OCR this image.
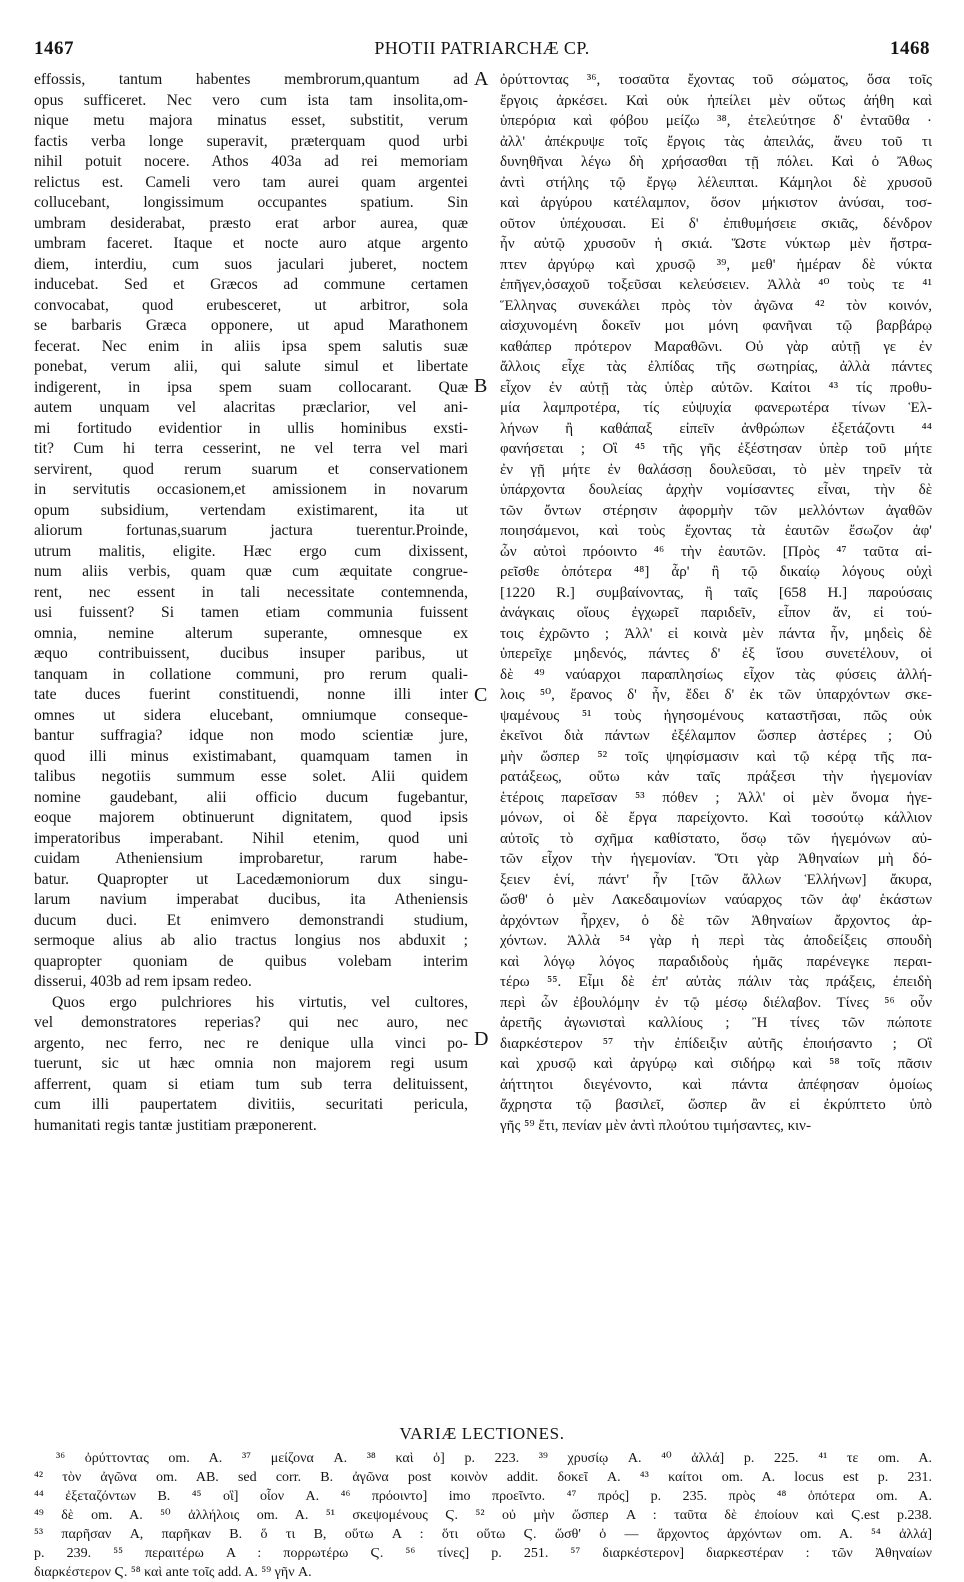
1467	PHOTII PATRIARCHÆ CP.	1468
effossis, tantum habentes membrorum,quantum ad
opus sufficeret. Nec vero cum ista tam insolita,om-
nique metu majora minatus esset, substitit, verum
factis verba longe superavit, præterquam quod urbi
nihil potuit nocere. Athos 403a ad rei memoriam
relictus est. Cameli vero tam aurei quam argentei
collucebant, longissimum occupantes spatium. Sin
umbram desiderabat, præsto erat arbor aurea, quæ
umbram faceret. Itaque et nocte auro atque argento
diem, interdiu, cum suos jaculari juberet, noctem
inducebat. Sed et Græcos ad commune certamen
convocabat, quod erubesceret, ut arbitror, sola
se barbaris Græca opponere, ut apud Marathonem
fecerat. Nec enim in aliis ipsa spem salutis suæ
ponebat, verum alii, qui salute simul et libertate
indigerent, in ipsa spem suam collocarant. Quæ
autem unquam vel alacritas præclarior, vel ani-
mi fortitudo evidentior in ullis hominibus exsti-
tit? Cum hi terra cesserint, ne vel terra vel mari
servirent, quod rerum suarum et conservationem
in servitutis occasionem,et amissionem in novarum
opum subsidium, vertendam existimarent, ita ut
aliorum fortunas,suarum jactura tuerentur.Proinde,
utrum malitis, eligite. Hæc ergo cum dixissent,
num aliis verbis, quam quæ cum æquitate congrue-
rent, nec essent in tali necessitate contemnenda,
usi fuissent? Si tamen etiam communia fuissent
omnia, nemine alterum superante, omnesque ex
æquo contribuissent, ducibus insuper paribus, ut
tanquam in collatione communi, pro rerum quali-
tate duces fuerint constituendi, nonne illi inter
omnes ut sidera elucebant, omniumque conseque-
bantur suffragia? idque non modo scientiæ jure,
quod illi minus existimabant, quamquam tamen in
talibus negotiis summum esse solet. Alii quidem
nomine gaudebant, alii officio ducum fugebantur,
eoque majorem obtinuerunt dignitatem, quod ipsis
imperatoribus imperabant. Nihil etenim, quod uni
cuidam Atheniensium improbaretur, rarum habe-
batur. Quapropter ut Lacedæmoniorum dux singu-
larum navium imperabat ducibus, ita Atheniensis
ducum duci. Et enimvero demonstrandi studium,
sermoque alius ab alio tractus longius nos abduxit ;
quapropter quoniam de quibus volebam interim
disserui, 403b ad rem ipsam redeo.
Quos ergo pulchriores his virtutis, vel cultores,
vel demonstratores reperias? qui nec auro, nec
argento, nec ferro, nec re denique ulla vinci po-
tuerunt, sic ut hæc omnia non majorem regi usum
afferrent, quam si etiam tum sub terra delituissent,
cum illi paupertatem divitiis, securitati pericula,
humanitati regis tantæ justitiam præponerent.
ὀρύττοντας ³⁶, τοσαῦτα ἔχοντας τοῦ σώματος, ὅσα τοῖς
ἔργοις ἀρκέσει. Καὶ οὐκ ἠπείλει μὲν οὕτως ἀήθη καὶ
ὑπερόρια καὶ φόβου μείζω ³⁸, ἐτελεύτησε δ' ἐνταῦθα ·
ἀλλ' ἀπέκρυψε τοῖς ἔργοις τὰς ἀπειλάς, ἄνευ τοῦ τι
δυνηθῆναι λέγω δὴ χρήσασθαι τῇ πόλει. Καὶ ὁ Ἄθως
ἀντὶ στήλης τῷ ἔργῳ λέλειπται. Κάμηλοι δὲ χρυσοῦ
καὶ ἀργύρου κατέλαμπον, ὅσον μήκιστον ἀνύσαι, τοσ-
οῦτον ὑπέχουσαι. Εἰ δ' ἐπιθυμήσειε σκιᾶς, δένδρον
ἦν αὐτῷ χρυσοῦν ἡ σκιά. Ὥστε νύκτωρ μὲν ἤστρα-
πτεν ἀργύρῳ καὶ χρυσῷ ³⁹, μεθ' ἡμέραν δὲ νύκτα
ἐπῆγεν,ὁσαχοῦ τοξεῦσαι κελεύσειεν. Ἀλλὰ ⁴⁰ τοὺς τε ⁴¹
Ἕλληνας συνεκάλει πρὸς τὸν ἀγῶνα ⁴² τὸν κοινόν,
αἰσχυνομένη δοκεῖν μοι μόνη φανῆναι τῷ βαρβάρῳ
καθάπερ πρότερον Μαραθῶνι. Οὐ γὰρ αὐτῇ γε ἐν
ἄλλοις εἶχε τὰς ἐλπίδας τῆς σωτηρίας, ἀλλὰ πάντες
εἶχον ἐν αὐτῇ τὰς ὑπὲρ αὐτῶν. Καίτοι ⁴³ τίς προθυ-
μία λαμπροτέρα, τίς εὐψυχία φανερωτέρα τίνων Ἑλ-
λήνων ἢ καθάπαξ εἰπεῖν ἀνθρώπων ἐξετάζοντι ⁴⁴
φανήσεται ; Οἳ ⁴⁵ τῆς γῆς ἐξέστησαν ὑπὲρ τοῦ μήτε
ἐν γῇ μήτε ἐν θαλάσσῃ δουλεῦσαι, τὸ μὲν τηρεῖν τὰ
ὑπάρχοντα δουλείας ἀρχὴν νομίσαντες εἶναι, τὴν δὲ
τῶν ὄντων στέρησιν ἀφορμὴν τῶν μελλόντων ἀγαθῶν
ποιησάμενοι, καὶ τοὺς ἔχοντας τὰ ἑαυτῶν ἔσωζον ἀφ'
ὧν αὐτοὶ πρόοιντο ⁴⁶ τὴν ἑαυτῶν. [Πρὸς ⁴⁷ ταῦτα αἱ-
ρεῖσθε ὁπότερα ⁴⁸] ἆρ' ἢ τῷ δικαίῳ λόγους οὐχὶ
[1220 R.] συμβαίνοντας, ἢ ταῖς [658 H.] παρούσαις
ἀνάγκαις οἵους ἐγχωρεῖ παριδεῖν, εἶπον ἄν, εἰ τού-
τοις ἐχρῶντο ; Ἀλλ' εἰ κοινὰ μὲν πάντα ἦν, μηδεὶς δὲ
ὑπερεῖχε μηδενός, πάντες δ' ἐξ ἴσου συνετέλουν, οἱ
δὲ ⁴⁹ ναύαρχοι παραπλησίως εἶχον τὰς φύσεις ἀλλή-
λοις ⁵⁰, ἔρανος δ' ἦν, ἔδει δ' ἐκ τῶν ὑπαρχόντων σκε-
ψαμένους ⁵¹ τοὺς ἡγησομένους καταστῆσαι, πῶς οὐκ
ἐκεῖνοι διὰ πάντων ἐξέλαμπον ὥσπερ ἀστέρες ; Οὐ
μὴν ὥσπερ ⁵² τοῖς ψηφίσμασιν καὶ τῷ κέρᾳ τῆς πα-
ρατάξεως, οὕτω κἀν ταῖς πράξεσι τὴν ἡγεμονίαν
ἑτέροις παρεῖσαν ⁵³ πόθεν ; Ἀλλ' οἱ μὲν ὄνομα ἡγε-
μόνων, οἱ δὲ ἔργα παρείχοντο. Καὶ τοσούτῳ κάλλιον
αὐτοῖς τὸ σχῆμα καθίστατο, ὅσῳ τῶν ἡγεμόνων αὐ-
τῶν εἶχον τὴν ἡγεμονίαν. Ὅτι γὰρ Ἀθηναίων μὴ δό-
ξειεν ἑνί, πάντ' ἦν [τῶν ἄλλων Ἑλλήνων] ἄκυρα,
ὥσθ' ὁ μὲν Λακεδαιμονίων ναύαρχος τῶν ἀφ' ἑκάστων
ἀρχόντων ἦρχεν, ὁ δὲ τῶν Ἀθηναίων ἄρχοντος ἀρ-
χόντων. Ἀλλὰ ⁵⁴ γὰρ ἡ περὶ τὰς ἀποδείξεις σπουδὴ
καὶ λόγῳ λόγος παραδιδοὺς ἡμᾶς παρένεγκε περαι-
τέρω ⁵⁵. Εἶμι δὲ ἐπ' αὐτὰς πάλιν τὰς πράξεις, ἐπειδὴ
περὶ ὧν ἐβουλόμην ἐν τῷ μέσῳ διέλαβον. Τίνες ⁵⁶ οὖν
ἀρετῆς ἀγωνισταὶ καλλίους ; Ἢ τίνες τῶν πώποτε
διαρκέστερον ⁵⁷ τὴν ἐπίδειξιν αὐτῆς ἐποιήσαντο ; Οἳ
καὶ χρυσῷ καὶ ἀργύρῳ καὶ σιδήρῳ καὶ ⁵⁸ τοῖς πᾶσιν
ἀήττητοι διεγένοντο, καὶ πάντα ἀπέφησαν ὁμοίως
ἄχρηστα τῷ βασιλεῖ, ὥσπερ ἂν εἰ ἐκρύπτετο ὑπὸ
γῆς ⁵⁹ ἔτι, πενίαν μὲν ἀντὶ πλούτου τιμήσαντες, κιν-
A
B
C
D
VARIÆ LECTIONES.
³⁶ ὀρύττοντας om. A. ³⁷ μείζονα A. ³⁸ καὶ ὁ] p. 223. ³⁹ χρυσίῳ A. ⁴⁰ ἀλλά] p. 225. ⁴¹ τε om. A.
⁴² τὸν ἀγῶνα om. AB. sed corr. B. ἀγῶνα post κοινὸν addit. δοκεῖ A. ⁴³ καίτοι om. A. locus est p. 231.
⁴⁴ ἐξεταζόντων B. ⁴⁵ οἳ] οἷον A. ⁴⁶ πρόοιντο] imo προεῖντο. ⁴⁷ πρός] p. 235. πρὸς ⁴⁸ ὁπότερα om. A.
⁴⁹ δὲ om. A. ⁵⁰ ἀλλήλοις om. A. ⁵¹ σκεψομένους Ϛ. ⁵² οὐ μὴν ὥσπερ A : ταῦτα δὲ ἐποίουν καὶ Ϛ.est p.238.
⁵³ παρῆσαν A, παρῆκαν B. ὅ τι B, οὕτω A : ὅτι οὕτω Ϛ. ὥσθ' ὁ — ἄρχοντος ἀρχόντων om. A. ⁵⁴ ἀλλά]
p. 239. ⁵⁵ περαιτέρω A : πορρωτέρω Ϛ. ⁵⁶ τίνες] p. 251. ⁵⁷ διαρκέστερον] διαρκεστέραν : τῶν Ἀθηναίων
διαρκέστερον Ϛ. ⁵⁸ καὶ ante τοῖς add. A. ⁵⁹ γῆν A.
